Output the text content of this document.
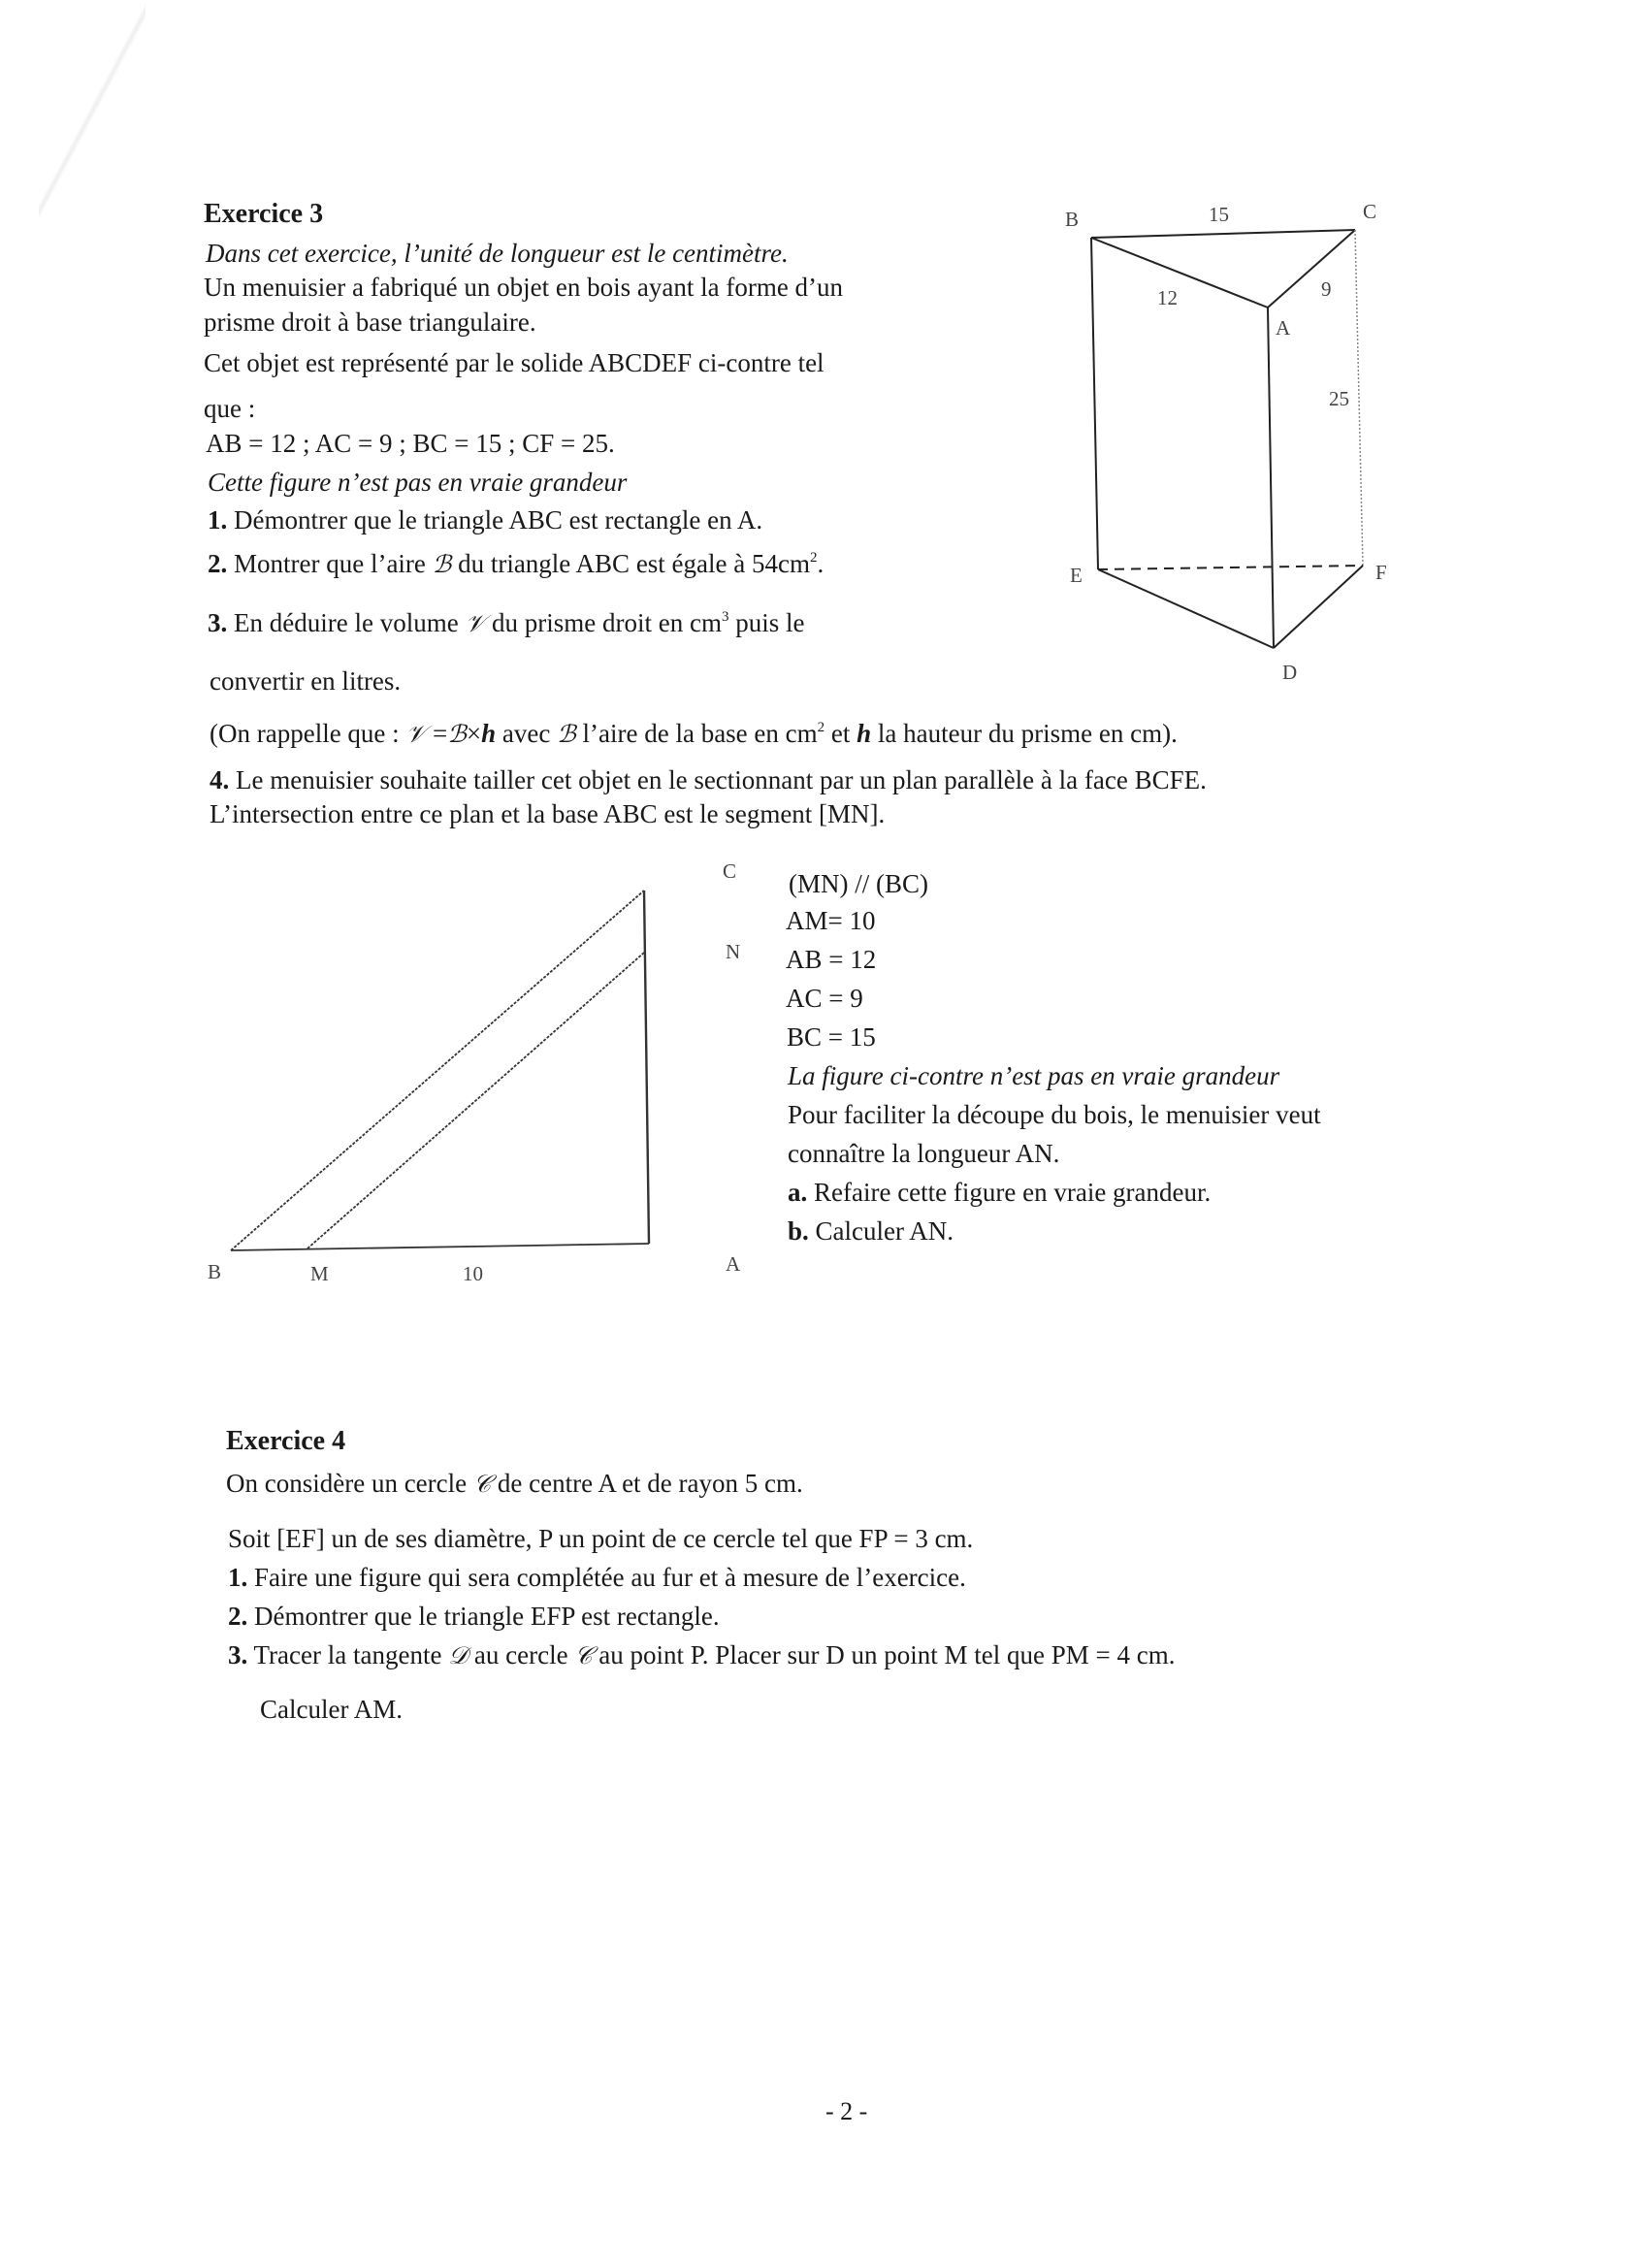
Exercice 3
Dans cet exercice, l’unité de longueur est le centimètre.
Un menuisier a fabriqué un objet en bois ayant la forme d’un
prisme droit à base triangulaire.
Cet objet est représenté par le solide ABCDEF ci-contre tel
que :
AB = 12 ; AC = 9 ; BC = 15 ; CF = 25.
Cette figure n’est pas en vraie grandeur
1. Démontrer que le triangle ABC est rectangle en A.
2. Montrer que l’aire ℬ du triangle ABC est égale à $54cm^2$.
3. En déduire le volume 𝒱 du prisme droit en $cm^3$ puis le
convertir en litres.
(On rappelle que : 𝒱 =ℬ×h avec ℬ l’aire de la base en $cm^2$ et h la hauteur du prisme en cm).
4. Le menuisier souhaite tailler cet objet en le sectionnant par un plan parallèle à la face BCFE.
L’intersection entre ce plan et la base ABC est le segment [MN].
B	C
A
E	F
D
15
12	9
25
C
N
B	M	10	A
(MN) // (BC)
AM= 10
AB = 12
AC = 9
BC = 15
La figure ci-contre n’est pas en vraie grandeur
Pour faciliter la découpe du bois, le menuisier veut
connaître la longueur AN.
a. Refaire cette figure en vraie grandeur.
b. Calculer AN.
Exercice 4
On considère un cercle 𝒞 de centre A et de rayon 5 cm.
Soit [EF] un de ses diamètre, P un point de ce cercle tel que FP = 3 cm.
1. Faire une figure qui sera complétée au fur et à mesure de l’exercice.
2. Démontrer que le triangle EFP est rectangle.
3. Tracer la tangente 𝒟 au cercle 𝒞 au point P. Placer sur D un point M tel que PM = 4 cm.
Calculer AM.
- 2 -
